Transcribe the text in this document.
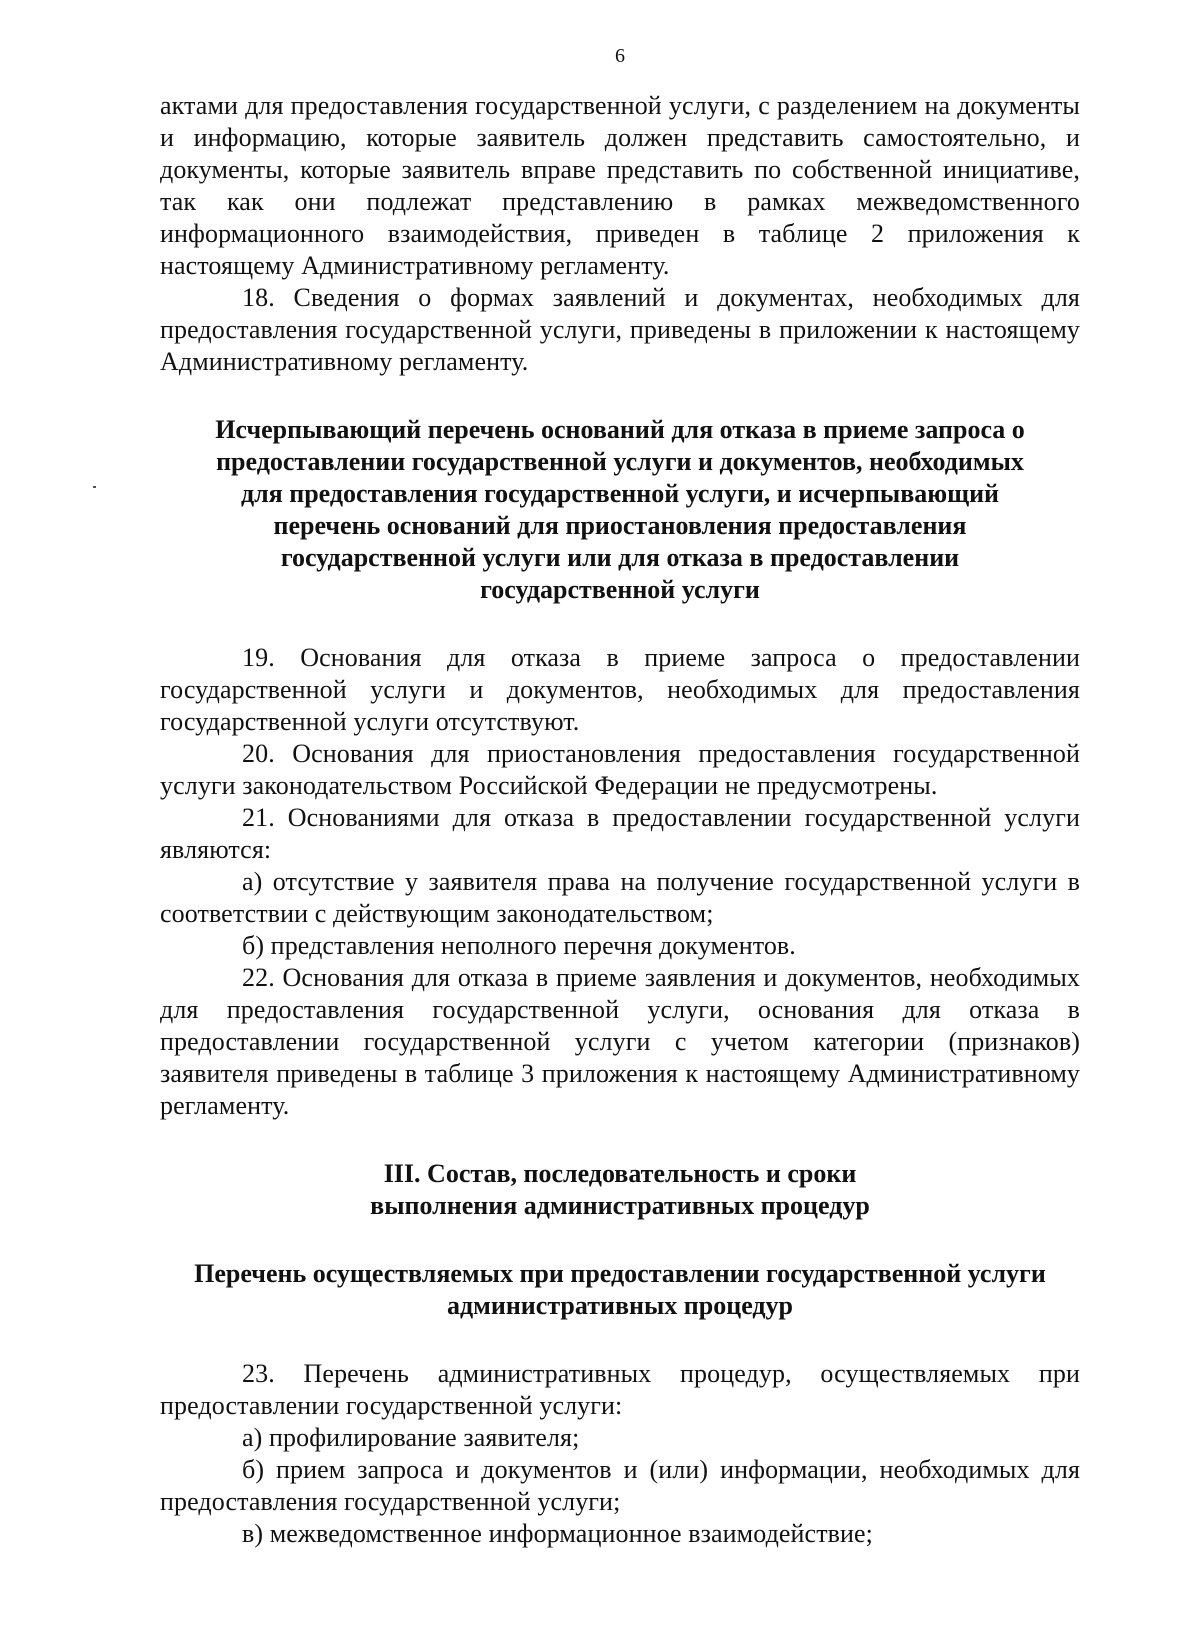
6

актами для предоставления государственной услуги, с разделением на документы и информацию, которые заявитель должен представить самостоятельно, и документы, которые заявитель вправе представить по собственной инициативе, так как они подлежат представлению в рамках межведомственного информационного взаимодействия, приведен в таблице 2 приложения к настоящему Административному регламенту.

18. Сведения о формах заявлений и документах, необходимых для предоставления государственной услуги, приведены в приложении к настоящему Административному регламенту.

Исчерпывающий перечень оснований для отказа в приеме запроса о предоставлении государственной услуги и документов, необходимых для предоставления государственной услуги, и исчерпывающий перечень оснований для приостановления предоставления государственной услуги или для отказа в предоставлении государственной услуги

19. Основания для отказа в приеме запроса о предоставлении государственной услуги и документов, необходимых для предоставления государственной услуги отсутствуют.

20. Основания для приостановления предоставления государственной услуги законодательством Российской Федерации не предусмотрены.

21. Основаниями для отказа в предоставлении государственной услуги являются:

а) отсутствие у заявителя права на получение государственной услуги в соответствии с действующим законодательством;

б) представления неполного перечня документов.

22. Основания для отказа в приеме заявления и документов, необходимых для предоставления государственной услуги, основания для отказа в предоставлении государственной услуги с учетом категории (признаков) заявителя приведены в таблице 3 приложения к настоящему Административному регламенту.

III. Состав, последовательность и сроки выполнения административных процедур
Перечень осуществляемых при предоставлении государственной услуги административных процедур

23. Перечень административных процедур, осуществляемых при предоставлении государственной услуги:

а) профилирование заявителя;

б) прием запроса и документов и (или) информации, необходимых для предоставления государственной услуги;

в) межведомственное информационное взаимодействие;
